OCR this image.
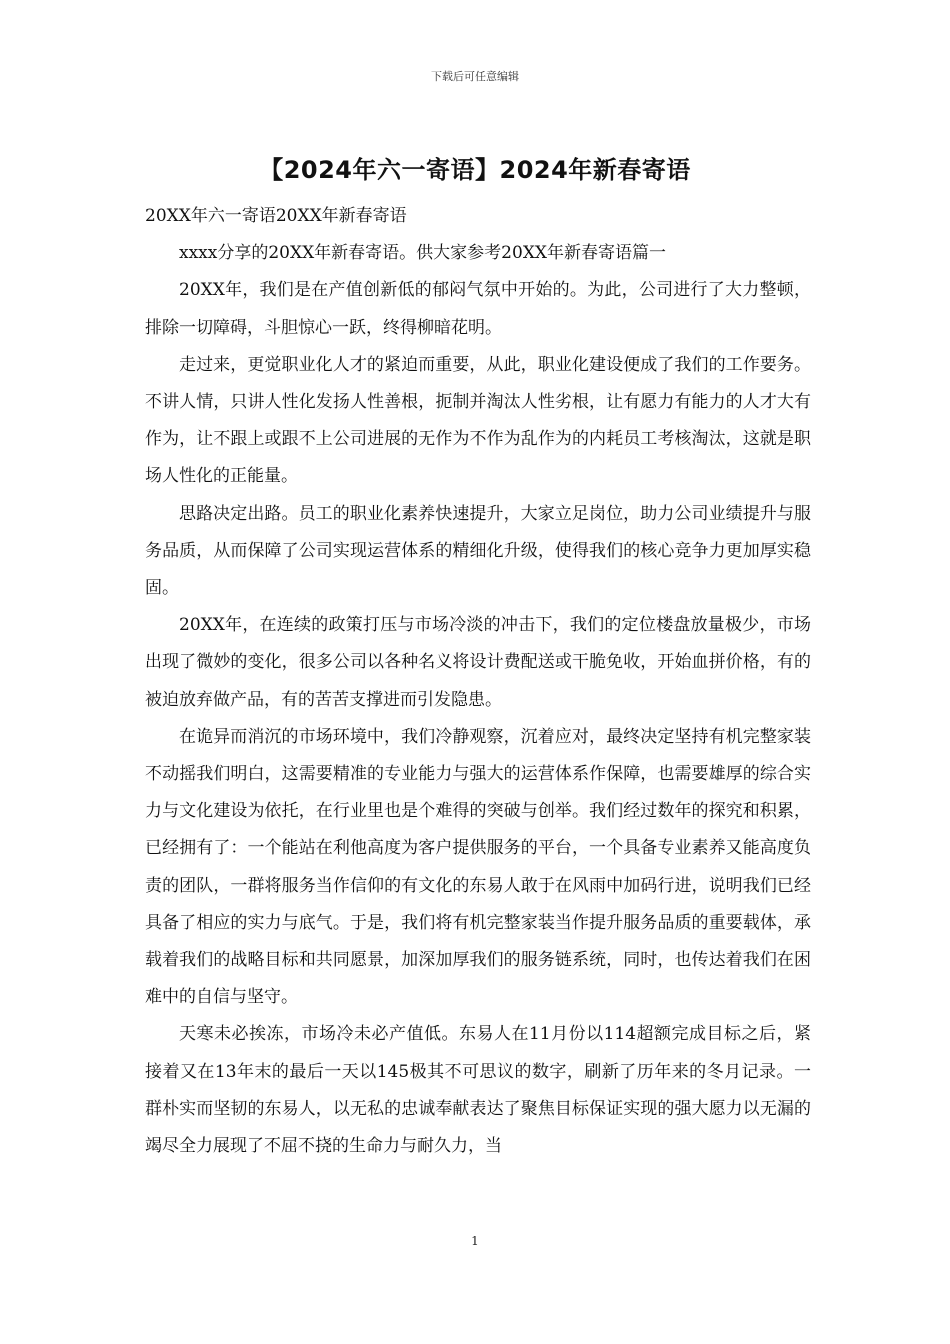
下载后可任意编辑
【2024年六一寄语】2024年新春寄语

20XX年六一寄语20XX年新春寄语

xxxx分享的20XX年新春寄语。供大家参考20XX年新春寄语篇一

20XX年，我们是在产值创新低的郁闷气氛中开始的。为此，公司进行了大力整顿，排除一切障碍，斗胆惊心一跃，终得柳暗花明。

走过来，更觉职业化人才的紧迫而重要，从此，职业化建设便成了我们的工作要务。不讲人情，只讲人性化发扬人性善根，扼制并淘汰人性劣根，让有愿力有能力的人才大有作为，让不跟上或跟不上公司进展的无作为不作为乱作为的内耗员工考核淘汰，这就是职场人性化的正能量。

思路决定出路。员工的职业化素养快速提升，大家立足岗位，助力公司业绩提升与服务品质，从而保障了公司实现运营体系的精细化升级，使得我们的核心竞争力更加厚实稳固。

20XX年，在连续的政策打压与市场冷淡的冲击下，我们的定位楼盘放量极少，市场出现了微妙的变化，很多公司以各种名义将设计费配送或干脆免收，开始血拼价格，有的被迫放弃做产品，有的苦苦支撑进而引发隐患。

在诡异而消沉的市场环境中，我们冷静观察，沉着应对，最终决定坚持有机完整家装不动摇我们明白，这需要精准的专业能力与强大的运营体系作保障，也需要雄厚的综合实力与文化建设为依托，在行业里也是个难得的突破与创举。我们经过数年的探究和积累，已经拥有了：一个能站在利他高度为客户提供服务的平台，一个具备专业素养又能高度负责的团队，一群将服务当作信仰的有文化的东易人敢于在风雨中加码行进，说明我们已经具备了相应的实力与底气。于是，我们将有机完整家装当作提升服务品质的重要载体，承载着我们的战略目标和共同愿景，加深加厚我们的服务链系统，同时，也传达着我们在困难中的自信与坚守。

天寒未必挨冻，市场冷未必产值低。东易人在11月份以114超额完成目标之后，紧接着又在13年末的最后一天以145极其不可思议的数字，刷新了历年来的冬月记录。一群朴实而坚韧的东易人，以无私的忠诚奉献表达了聚焦目标保证实现的强大愿力以无漏的竭尽全力展现了不屈不挠的生命力与耐久力，当

1
